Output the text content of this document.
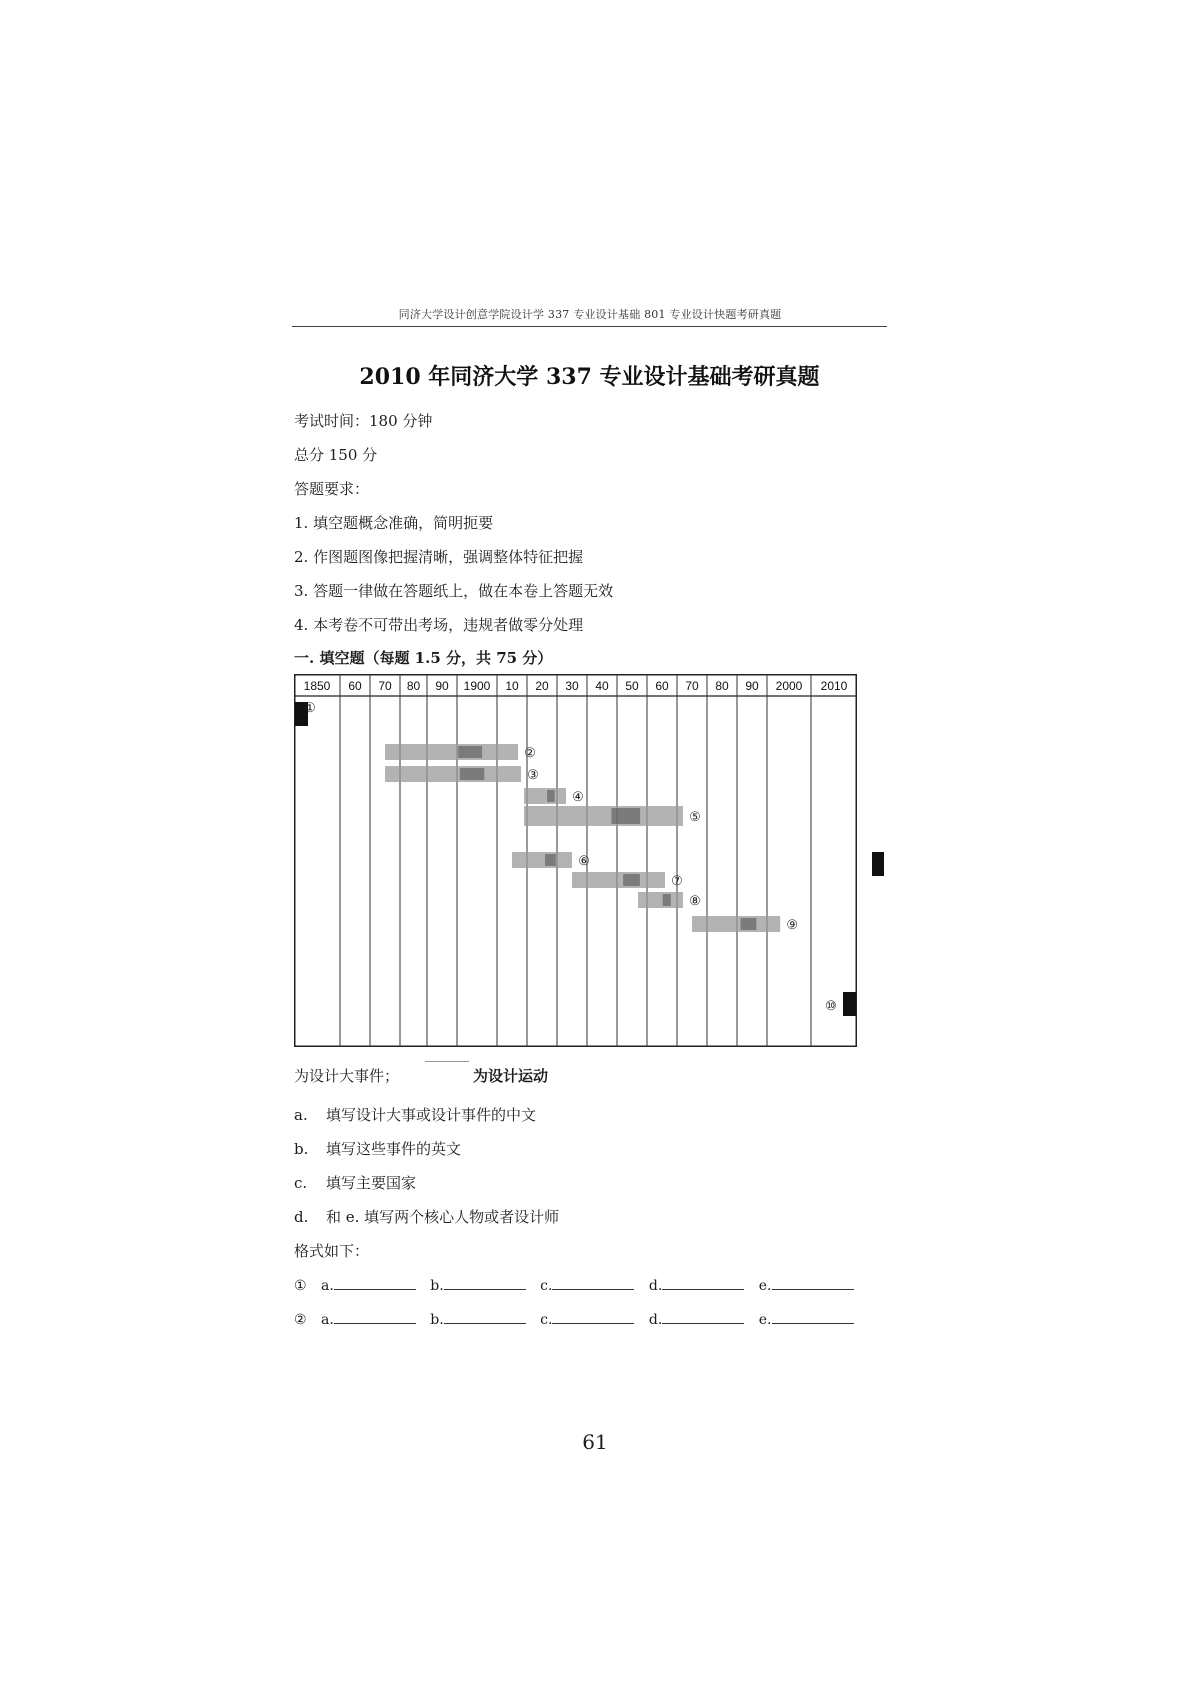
同济大学设计创意学院设计学 337 专业设计基础 801 专业设计快题考研真题
2010 年同济大学 337 专业设计基础考研真题
考试时间：180 分钟
总分 150 分
答题要求：
1. 填空题概念准确，简明扼要
2. 作图题图像把握清晰，强调整体特征把握
3. 答题一律做在答题纸上，做在本卷上答题无效
4. 本考卷不可带出考场，违规者做零分处理
一. 填空题（每题 1.5 分，共 75 分）
1850 60 70 80 90 1900 10 20 30 40 50 60 70 80 90 2000 2010
①
②
③
④
⑤
⑥
⑦
⑧
⑨
⑩
为设计大事件；	为设计运动
a. 填写设计大事或设计事件的中文
b. 填写这些事件的英文
c. 填写主要国家
d. 和 e. 填写两个核心人物或者设计师
格式如下：
① a.	b.	c.	d.	e.
② a.	b.	c.	d.	e.
61
